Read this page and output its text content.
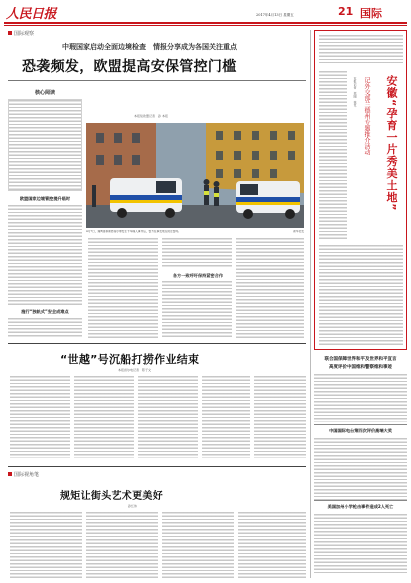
人民日报	2017年4月13日 星期五	21 国际
国际观察
中瑕国家启动全面边境检查　情报分享成为各国关注重点
恐袭频发，欧盟提高安保管控门槛
核心阅读
欧盟国家边境管控提升临时
施行“独轨式”安全成难点
本报驻欧盟记者　孙 本报
4月7日，瑞典首都斯德哥尔摩发生卡车撞人事件后，警方在事发地点附近警戒。	新华社发
各方一致呼吁保持紧密合作
“世越”号沉船打捞作业结束
本报首尔电记者　陈子文
国际视角笔
规矩让街头艺术更美好
孙红伟
安徽“孕育一片秀美土地”
记外交部兰德州专题推介活动
本报记者　郑刚　徐耳
联合国保障世界和平及世界和平宣言
高度评价中国维和警察维和事迹
中国国际电台第四次评价高端大奖
美国加州小学枪击事件造成2人死亡
